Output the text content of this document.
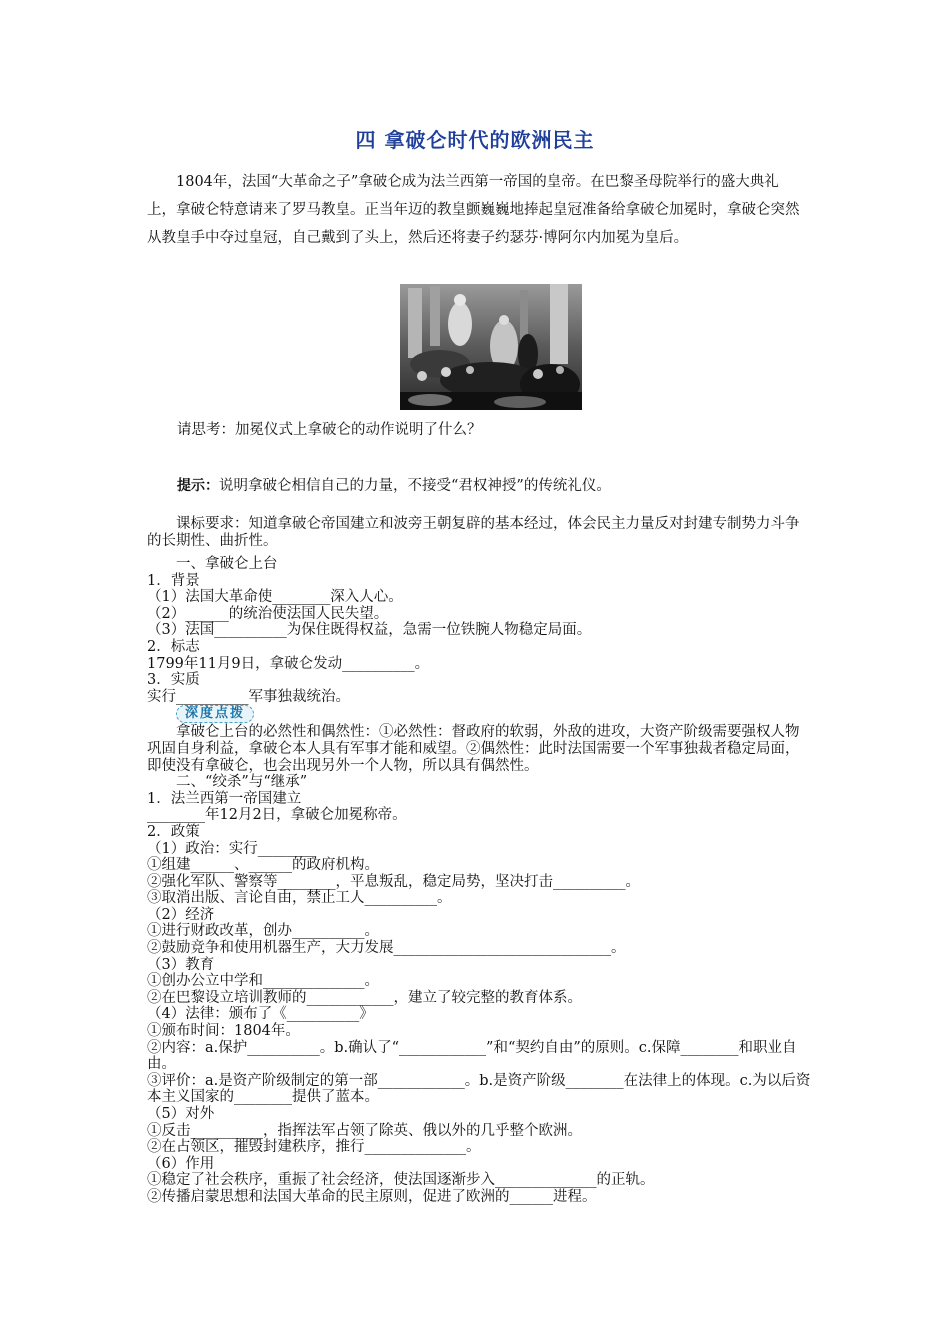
四 拿破仑时代的欧洲民主

1804年，法国“大革命之子”拿破仑成为法兰西第一帝国的皇帝。在巴黎圣母院举行的盛大典礼上，拿破仑特意请来了罗马教皇。正当年迈的教皇颤巍巍地捧起皇冠准备给拿破仑加冕时，拿破仑突然从教皇手中夺过皇冠，自己戴到了头上，然后还将妻子约瑟芬·博阿尔内加冕为皇后。

请思考：加冕仪式上拿破仑的动作说明了什么？

提示：说明拿破仑相信自己的力量，不接受“君权神授”的传统礼仪。

课标要求：知道拿破仑帝国建立和波旁王朝复辟的基本经过，体会民主力量反对封建专制势力斗争的长期性、曲折性。

一、拿破仑上台
1．背景
（1）法国大革命使________深入人心。
（2）______的统治使法国人民失望。
（3）法国__________为保住既得权益，急需一位铁腕人物稳定局面。
2．标志
1799年11月9日，拿破仑发动__________。
3．实质
实行__________军事独裁统治。
深度点拨
拿破仑上台的必然性和偶然性：①必然性：督政府的软弱，外敌的进攻，大资产阶级需要强权人物巩固自身利益，拿破仑本人具有军事才能和威望。②偶然性：此时法国需要一个军事独裁者稳定局面，即使没有拿破仑，也会出现另外一个人物，所以具有偶然性。
二、“绞杀”与“继承”
1．法兰西第一帝国建立
________年12月2日，拿破仑加冕称帝。
2．政策
（1）政治：实行________
①组建______、______的政府机构。
②强化军队、警察等________，平息叛乱，稳定局势，坚决打击__________。
③取消出版、言论自由，禁止工人__________。
（2）经济
①进行财政改革，创办__________。
②鼓励竞争和使用机器生产，大力发展______________________________。
（3）教育
①创办公立中学和______________。
②在巴黎设立培训教师的____________，建立了较完整的教育体系。
（4）法律：颁布了《__________》
①颁布时间：1804年。
②内容：a.保护__________。b.确认了“____________”和“契约自由”的原则。c.保障________和职业自由。
③评价：a.是资产阶级制定的第一部____________。b.是资产阶级________在法律上的体现。c.为以后资本主义国家的________提供了蓝本。
（5）对外
①反击__________，指挥法军占领了除英、俄以外的几乎整个欧洲。
②在占领区，摧毁封建秩序，推行______________。
（6）作用
①稳定了社会秩序，重振了社会经济，使法国逐渐步入______________的正轨。
②传播启蒙思想和法国大革命的民主原则，促进了欧洲的______进程。
